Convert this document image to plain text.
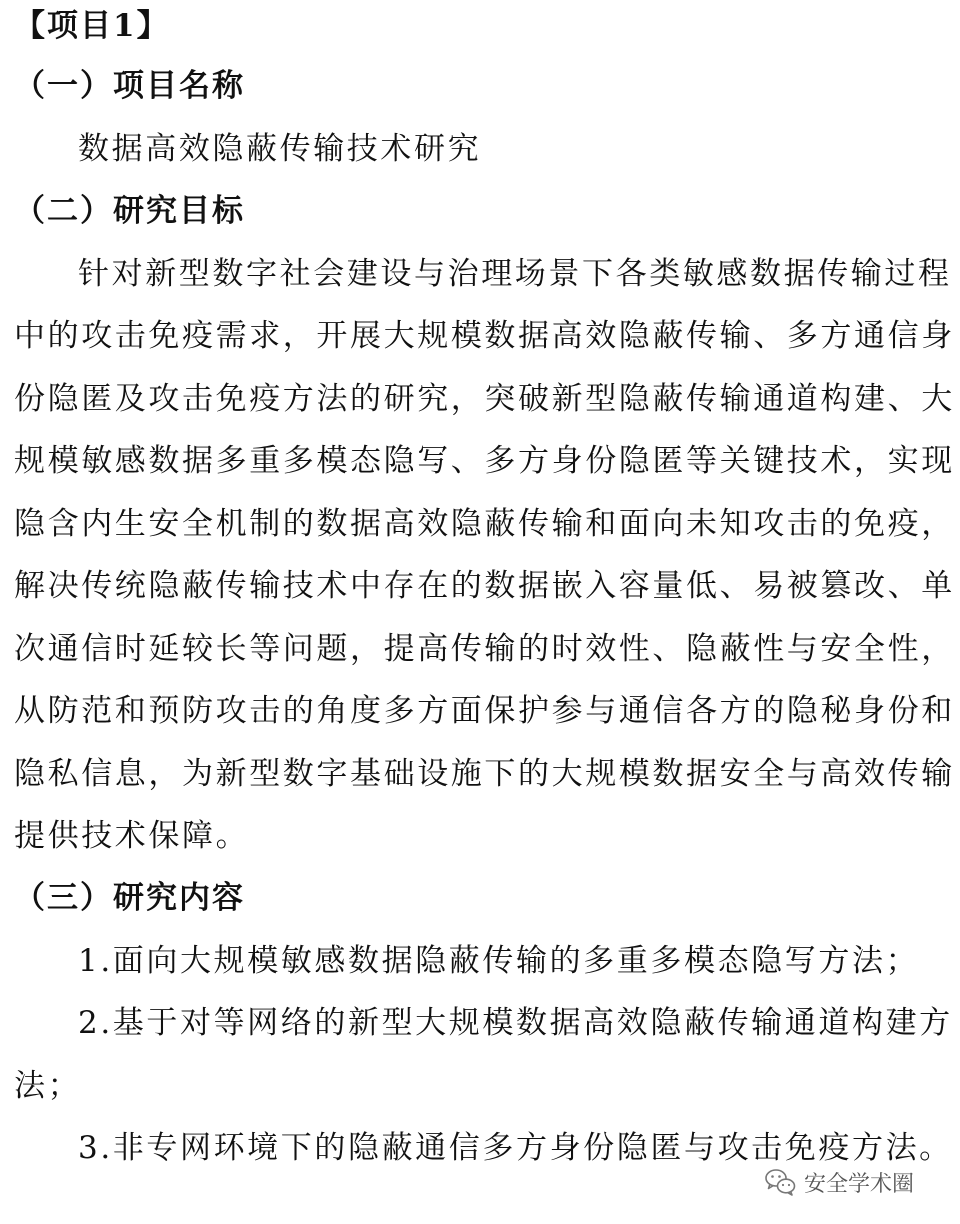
【项目1】
（一）项目名称
数据高效隐蔽传输技术研究
（二）研究目标
针对新型数字社会建设与治理场景下各类敏感数据传输过程
中的攻击免疫需求，开展大规模数据高效隐蔽传输、多方通信身
份隐匿及攻击免疫方法的研究，突破新型隐蔽传输通道构建、大
规模敏感数据多重多模态隐写、多方身份隐匿等关键技术，实现
隐含内生安全机制的数据高效隐蔽传输和面向未知攻击的免疫，
解决传统隐蔽传输技术中存在的数据嵌入容量低、易被篡改、单
次通信时延较长等问题，提高传输的时效性、隐蔽性与安全性，
从防范和预防攻击的角度多方面保护参与通信各方的隐秘身份和
隐私信息，为新型数字基础设施下的大规模数据安全与高效传输
提供技术保障。
（三）研究内容
1.面向大规模敏感数据隐蔽传输的多重多模态隐写方法；
2.基于对等网络的新型大规模数据高效隐蔽传输通道构建方
法；
3.非专网环境下的隐蔽通信多方身份隐匿与攻击免疫方法。
安全学术圈
